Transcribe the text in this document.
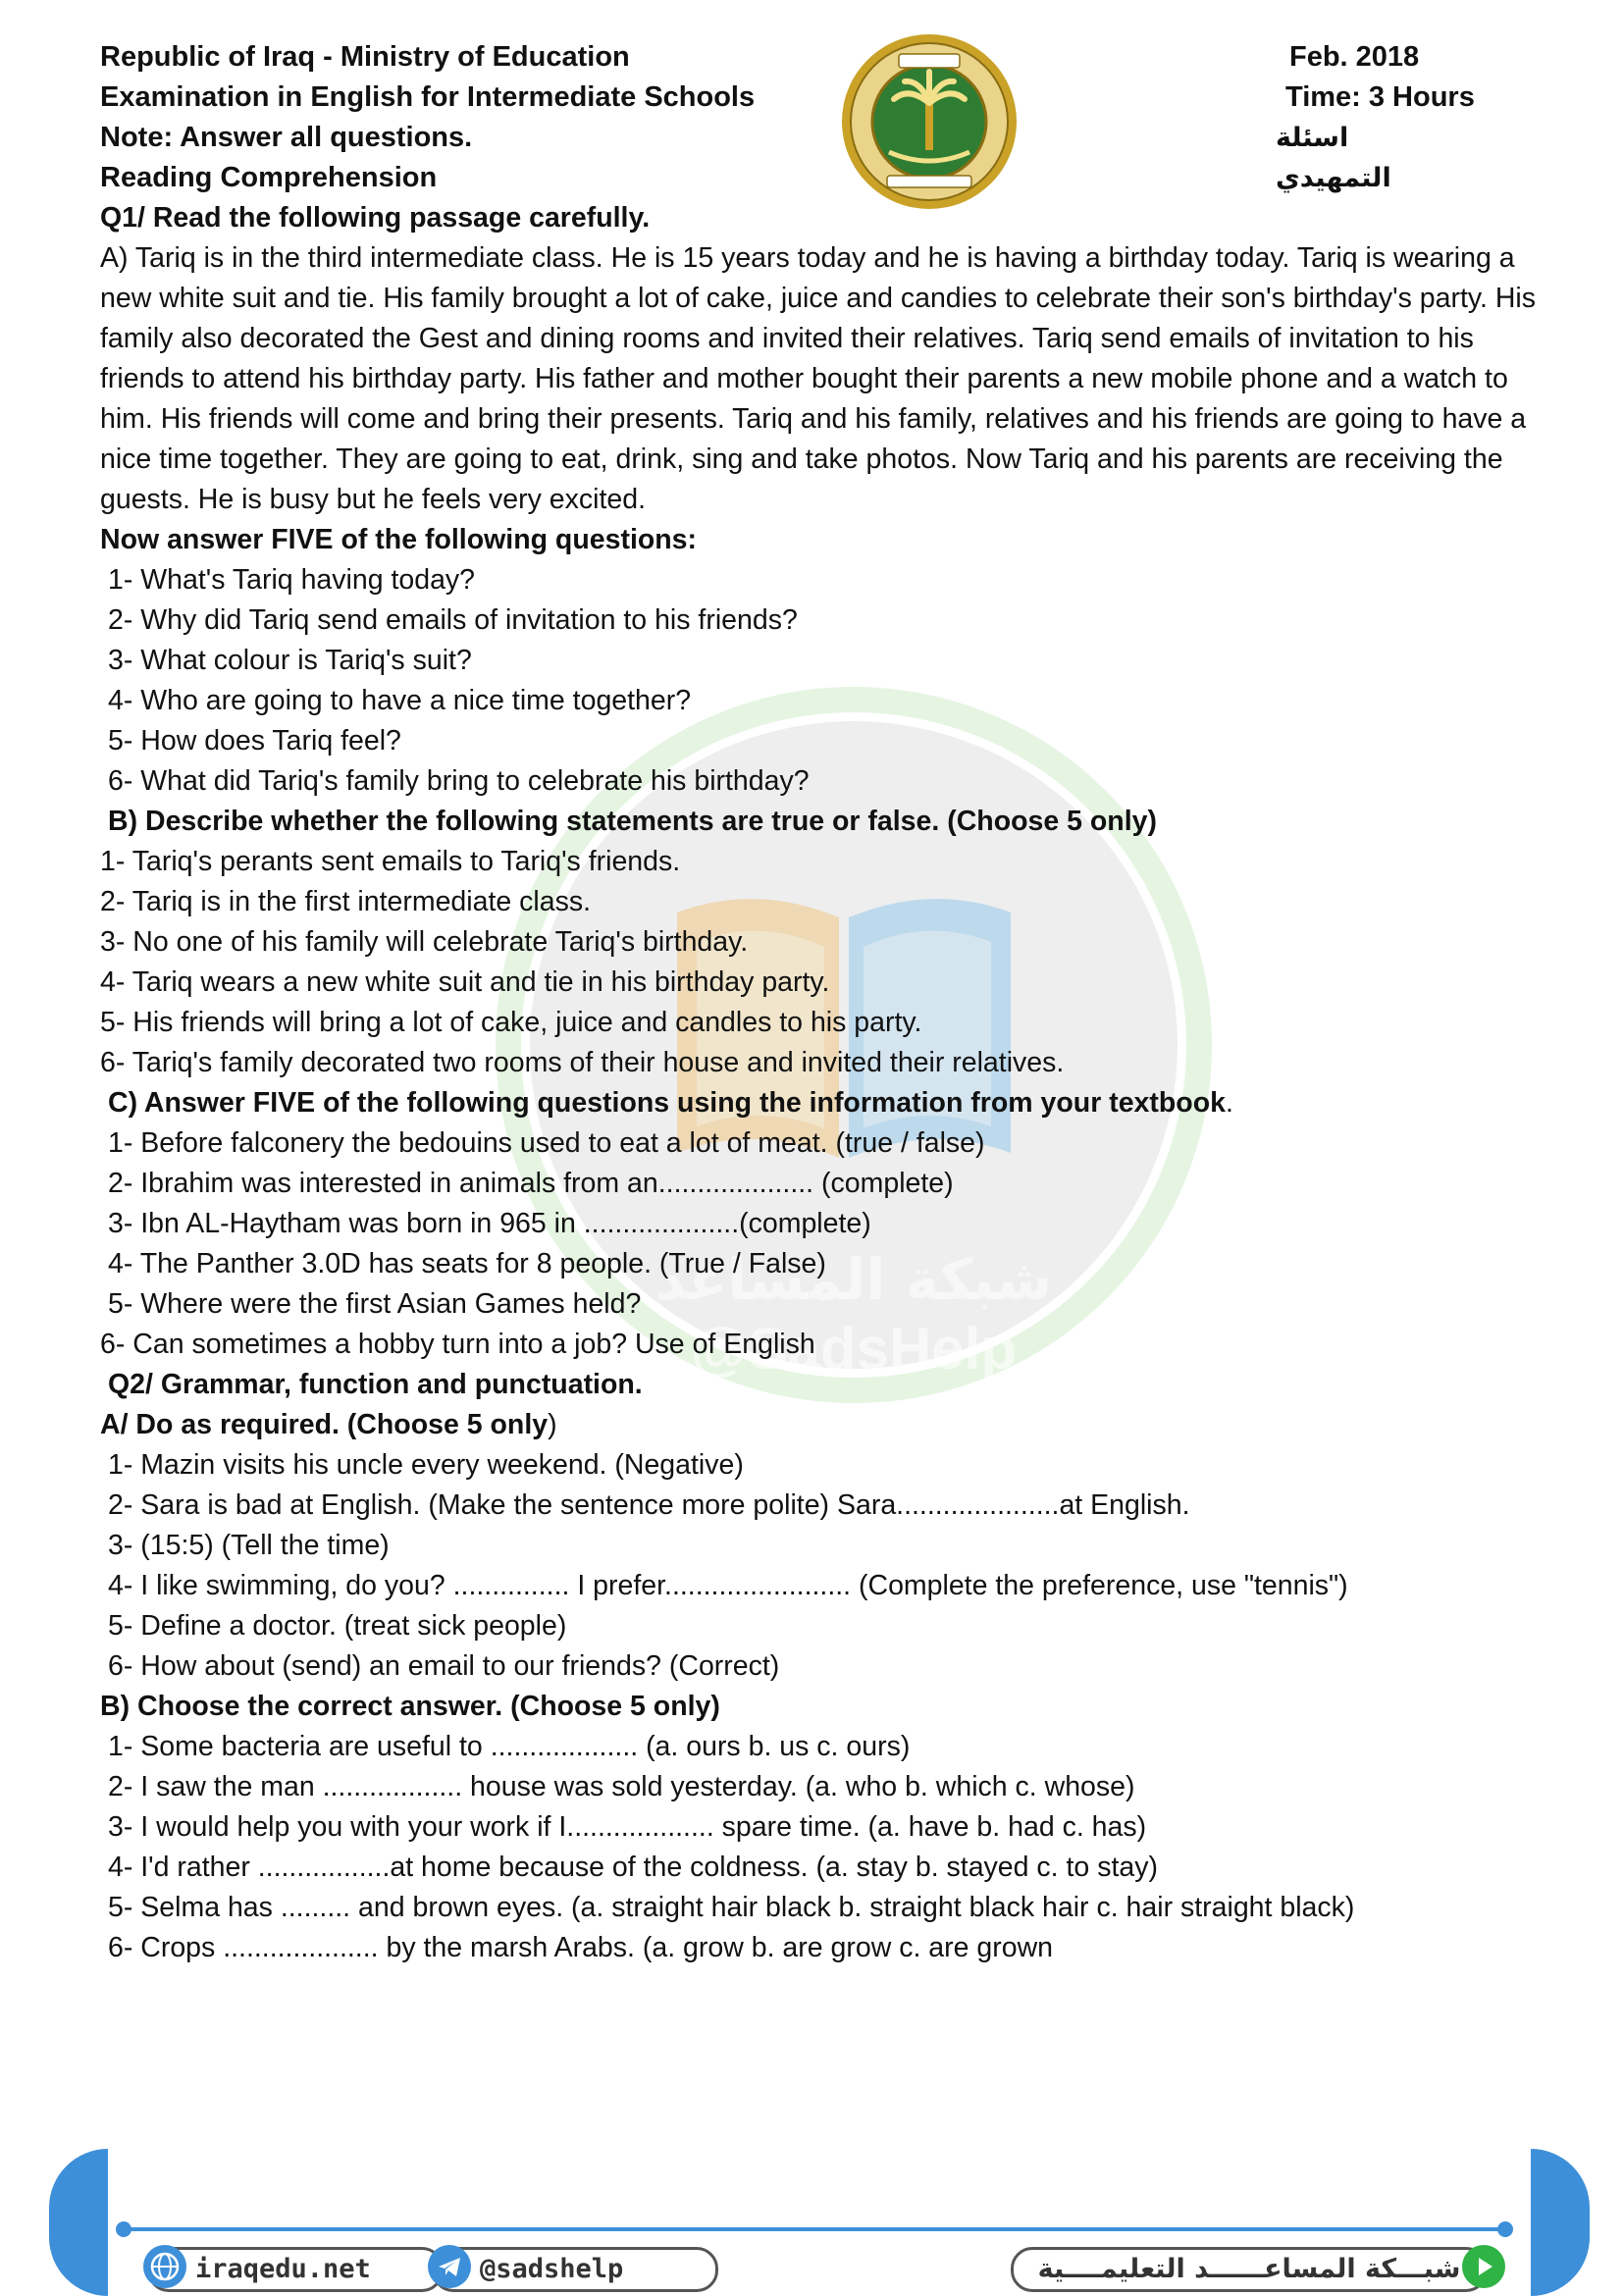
شبكة المساعد
@SadsHelp
Republic of Iraq - Ministry of Education
Examination in English for Intermediate Schools
Note: Answer all questions.
Reading Comprehension
Feb. 2018
Time: 3 Hours
اسئلة التمهيدي
Q1/ Read the following passage carefully.
A) Tariq is in the third intermediate class. He is 15 years today and he is having a birthday today. Tariq is wearing a new white suit and tie. His family brought a lot of cake, juice and candies to celebrate their son's birthday's party. His family also decorated the Gest and dining rooms and invited their relatives. Tariq send emails of invitation to his friends to attend his birthday party. His father and mother bought their parents a new mobile phone and a watch to him. His friends will come and bring their presents. Tariq and his family, relatives and his friends are going to have a nice time together. They are going to eat, drink, sing and take photos. Now Tariq and his parents are receiving the guests. He is busy but he feels very excited.
Now answer FIVE of the following questions:
1- What's Tariq having today?
2- Why did Tariq send emails of invitation to his friends?
3- What colour is Tariq's suit?
4- Who are going to have a nice time together?
5- How does Tariq feel?
6- What did Tariq's family bring to celebrate his birthday?
B) Describe whether the following statements are true or false. (Choose 5 only)
1- Tariq's perants sent emails to Tariq's friends.
2- Tariq is in the first intermediate class.
3- No one of his family will celebrate Tariq's birthday.
4- Tariq wears a new white suit and tie in his birthday party.
5- His friends will bring a lot of cake, juice and candles to his party.
6- Tariq's family decorated two rooms of their house and invited their relatives.
C) Answer FIVE of the following questions using the information from your textbook.
1- Before falconery the bedouins used to eat a lot of meat. (true / false)
2- Ibrahim was interested in animals from an.................... (complete)
3- Ibn AL-Haytham was born in 965 in ....................(complete)
4- The Panther 3.0D has seats for 8 people. (True / False)
5- Where were the first Asian Games held?
6- Can sometimes a hobby turn into a job? Use of English
Q2/ Grammar, function and punctuation.
A/ Do as required. (Choose 5 only)
1- Mazin visits his uncle every weekend. (Negative)
2- Sara is bad at English. (Make the sentence more polite) Sara.....................at English.
3- (15:5) (Tell the time)
4- I like swimming, do you? ............... I prefer........................ (Complete the preference, use "tennis")
5- Define a doctor. (treat sick people)
6- How about (send) an email to our friends? (Correct)
B) Choose the correct answer. (Choose 5 only)
1- Some bacteria are useful to ................... (a. ours b. us c. ours)
2- I saw the man .................. house was sold yesterday. (a. who b. which c. whose)
3- I would help you with your work if I................... spare time. (a. have b. had c. has)
4- I'd rather .................at home because of the coldness. (a. stay b. stayed c. to stay)
5- Selma has ......... and brown eyes. (a. straight hair black b. straight black hair c. hair straight black)
6- Crops .................... by the marsh Arabs. (a. grow b. are grow c. are grown
iraqedu.net	@sadshelp	شبـــكة المساعــــــد التعليمــــية
